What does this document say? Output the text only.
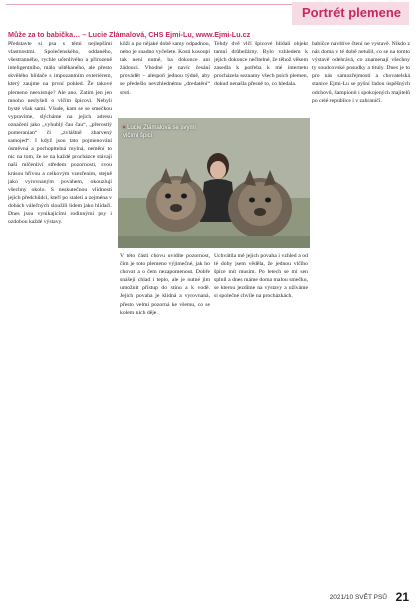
Portrét plemene
Může za to babička… – Lucie Zlámalová, CHS Ejmi-Lu, www.Ejmi-Lu.cz

Představte si psa s těmi nejlepšími vlastnostmi. Společenského, oddaného, všestranného, rychle učenlivého a přirozeně inteligentního, málo uštěkaného, ale přesto skvělého hlídače s impozantním exteriérem, který zaujme na první pohled. Že takové plemeno neexistuje? Ale ano. Zatím jen jen mnoho neslyšeli o vlčím špicovi. Nebyli bysté však sami. Všude, kam se se smečkou vypravíme, slýcháme na jejich adresu označení jako „vyhublý čau čau“, „přerostlý pomeranian“ či „zvláštně zbarvený samojed“. I když jsou tato pojmenování úsměvná a pochopitelná mylná, nemění to nic na tom, že se na každé procházce stávají naši mlčenliví středem pozornosti, svou krásou hřívou a celkovým vzezřením, stejně jako vyrovnaným povahem, okouzlují všechny okolo. S neskutečnou vlídností jejich předchůdci, kteří po staletí a zejména v dobách válečných sloužili lidem jako hlídači. Dnes jsou vynikajícími rodinnými psy i ozdobou každé výstavy.

kůži a po nějaké době samy odpadnou, nebo je snadno vyčešete. Kosti kosoupí tak není nutné, ba dokonce ani žádoucí. Vhodné je navíc česání provádět – alespoň jednou týdně, aby se předešlo nevzhlednému „dredatění“ srsti.

Tehdy dvě vlčí špicové hlídali objekt tamní drůbežárny. Bylo vzhledem k jejich dokonce nečitelné, že těhož věkem zasedla k potřeba k mé internetu procházela seznamy všech psích plemen, dokud nenašla přesně to, co hledala.

• Lucie Zlámalová se svými vlčími špici

V této části chovu uvidíte pozornost, čím je toto plemeno výjimečné, jak ho chovat a o čem nezapomenout. Dobře snášejí chlad i teplo, ale je nutné jim umožnit přístup do stínu a k vodě. Jejich povaha je klidná a vyrovnaná, přesto velmi pozorná ke všemu, co se kolem nich děje.

Uchvátila mě jejich povaha i vzhled a od té doby jsem věděla, že jednou vlčího špice mít musím. Po letech se mi sen splnil a dnes máme doma malou smečku, se kterou jezdíme na výstavy a užíváme si společné chvíle na procházkách.

babičce navštíve čtení ne vystavě. Nikdo z nás doma v té době netušil, co se na tomto výstavě odehrává, co znamenají všechny ty soudcovské posudky a tituly. Dnes je to pro nás samozřejmostí a chovatelská stanice Ejmi-Lu se pyšní řadou úspěšných odchovů, šampionů i spokojených majitelů po celé republice i v zahraničí.

2021/10 SVĚT PSŮ 21
